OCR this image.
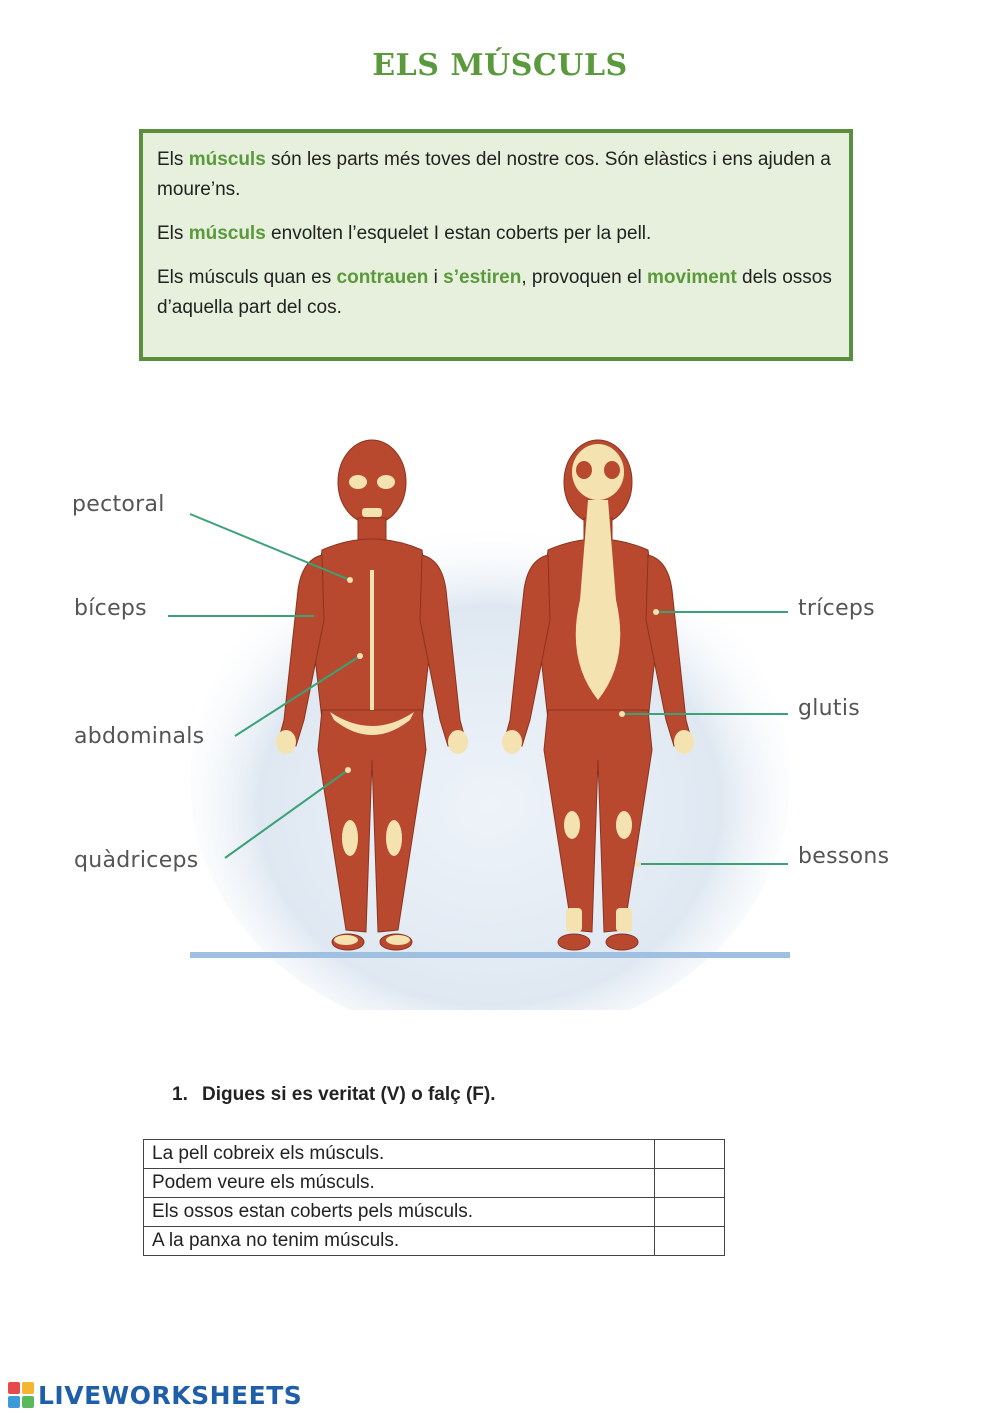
ELS MÚSCULS

Els músculs són les parts més toves del nostre cos. Són elàstics i ens ajuden a moure’ns.

Els músculs envolten l’esquelet I estan coberts per la pell.

Els músculs quan es contrauen i s’estiren, provoquen el moviment dels ossos d’aquella part del cos.

pectoral
bíceps
abdominals
quàdriceps
tríceps
glutis
bessons
1. Digues si es veritat (V) o falç (F).
La pell cobreix els músculs.	
Podem veure els músculs.	
Els ossos estan coberts pels músculs.	
A la panxa no tenim músculs.	
LIVEWORKSHEETS
